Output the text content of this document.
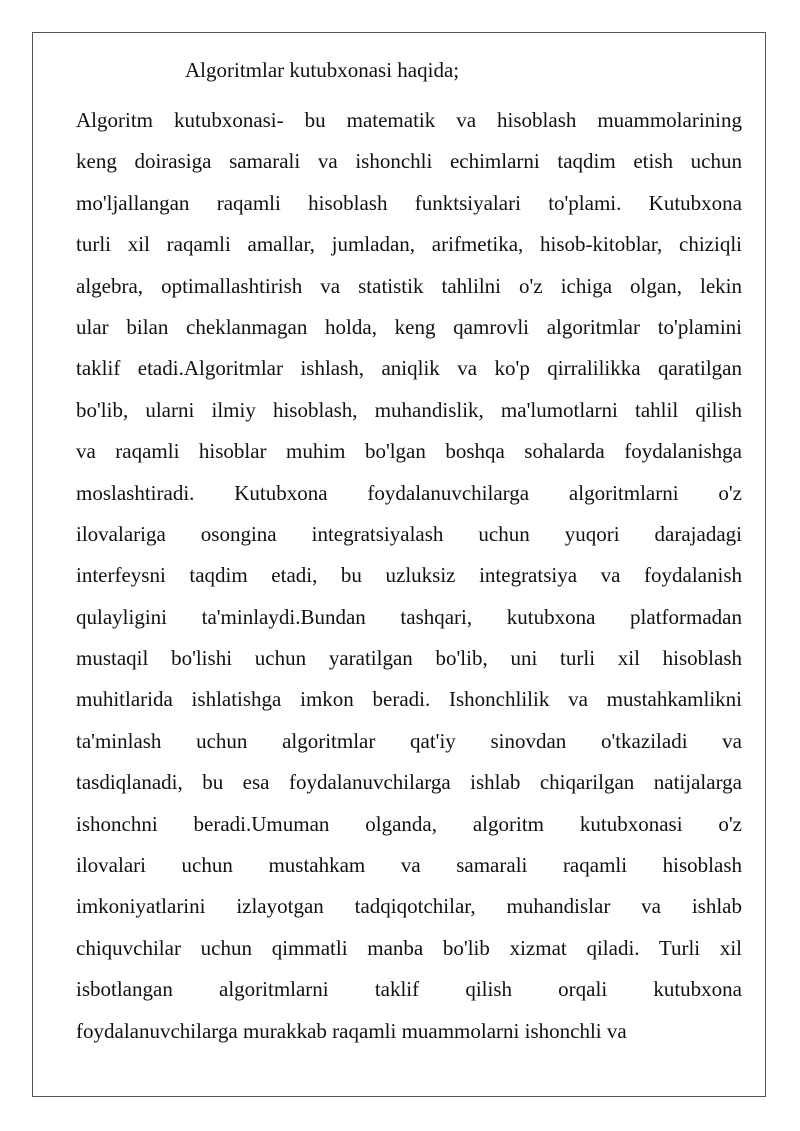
Algoritmlar kutubxonasi haqida;
Algoritm kutubxonasi- bu matematik va hisoblash muammolarining
keng doirasiga samarali va ishonchli echimlarni taqdim etish uchun
mo'ljallangan raqamli hisoblash funktsiyalari to'plami. Kutubxona
turli xil raqamli amallar, jumladan, arifmetika, hisob-kitoblar, chiziqli
algebra, optimallashtirish va statistik tahlilni o'z ichiga olgan, lekin
ular bilan cheklanmagan holda, keng qamrovli algoritmlar to'plamini
taklif etadi.Algoritmlar ishlash, aniqlik va ko'p qirralilikka qaratilgan
bo'lib, ularni ilmiy hisoblash, muhandislik, ma'lumotlarni tahlil qilish
va raqamli hisoblar muhim bo'lgan boshqa sohalarda foydalanishga
moslashtiradi. Kutubxona foydalanuvchilarga algoritmlarni o'z
ilovalariga osongina integratsiyalash uchun yuqori darajadagi
interfeysni taqdim etadi, bu uzluksiz integratsiya va foydalanish
qulayligini ta'minlaydi.Bundan tashqari, kutubxona platformadan
mustaqil bo'lishi uchun yaratilgan bo'lib, uni turli xil hisoblash
muhitlarida ishlatishga imkon beradi. Ishonchlilik va mustahkamlikni
ta'minlash uchun algoritmlar qat'iy sinovdan o'tkaziladi va
tasdiqlanadi, bu esa foydalanuvchilarga ishlab chiqarilgan natijalarga
ishonchni beradi.Umuman olganda, algoritm kutubxonasi o'z
ilovalari uchun mustahkam va samarali raqamli hisoblash
imkoniyatlarini izlayotgan tadqiqotchilar, muhandislar va ishlab
chiquvchilar uchun qimmatli manba bo'lib xizmat qiladi. Turli xil
isbotlangan algoritmlarni taklif qilish orqali kutubxona
foydalanuvchilarga murakkab raqamli muammolarni ishonchli va
